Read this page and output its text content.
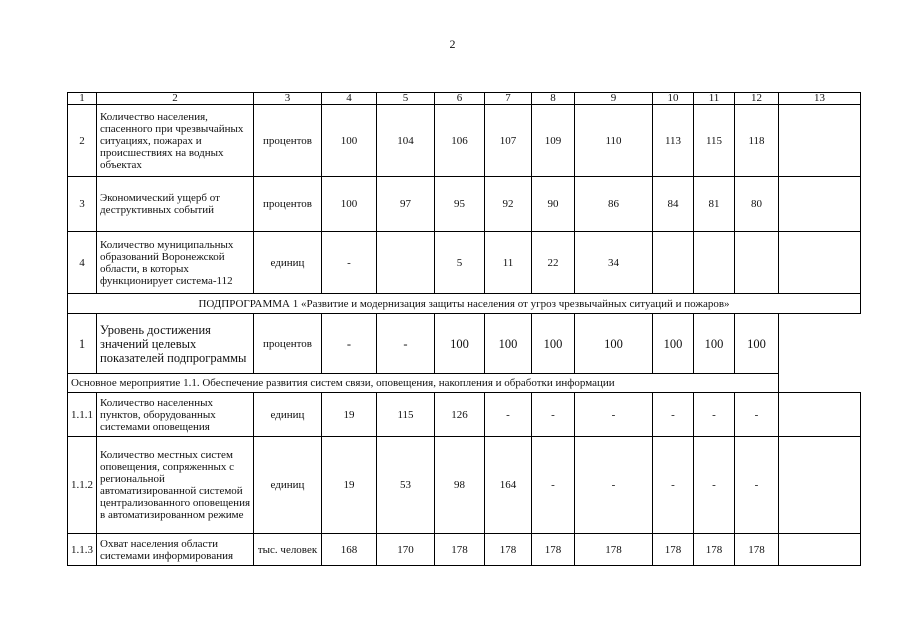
2
1	2	3	4	5	6	7	8	9	10	11	12	13
2	Количество населения, спасенного при чрезвычайных ситуациях, пожарах и происшествиях на водных объектах	процентов	100	104	106	107	109	110	113	115	118	
3	Экономический ущерб от деструктивных событий	процентов	100	97	95	92	90	86	84	81	80	
4	Количество муниципальных образований Воронежской области, в которых функционирует система-112	единиц	-		5	11	22	34				
ПОДПРОГРАММА 1 «Развитие и модернизация защиты населения от угроз чрезвычайных ситуаций и пожаров»												
1	Уровень достижения значений целевых показателей подпрограммы	процентов	-	-	100	100	100	100	100	100	100	
Основное мероприятие 1.1. Обеспечение развития систем связи, оповещения, накопления и обработки информации												
1.1.1	Количество населенных пунктов, оборудованных системами оповещения	единиц	19	115	126	-	-	-	-	-	-	
1.1.2	Количество местных систем оповещения, сопряженных с региональной автоматизированной системой централизованного оповещения в автоматизированном режиме	единиц	19	53	98	164	-	-	-	-	-	
1.1.3	Охват населения области системами информирования	тыс. человек	168	170	178	178	178	178	178	178	178	
